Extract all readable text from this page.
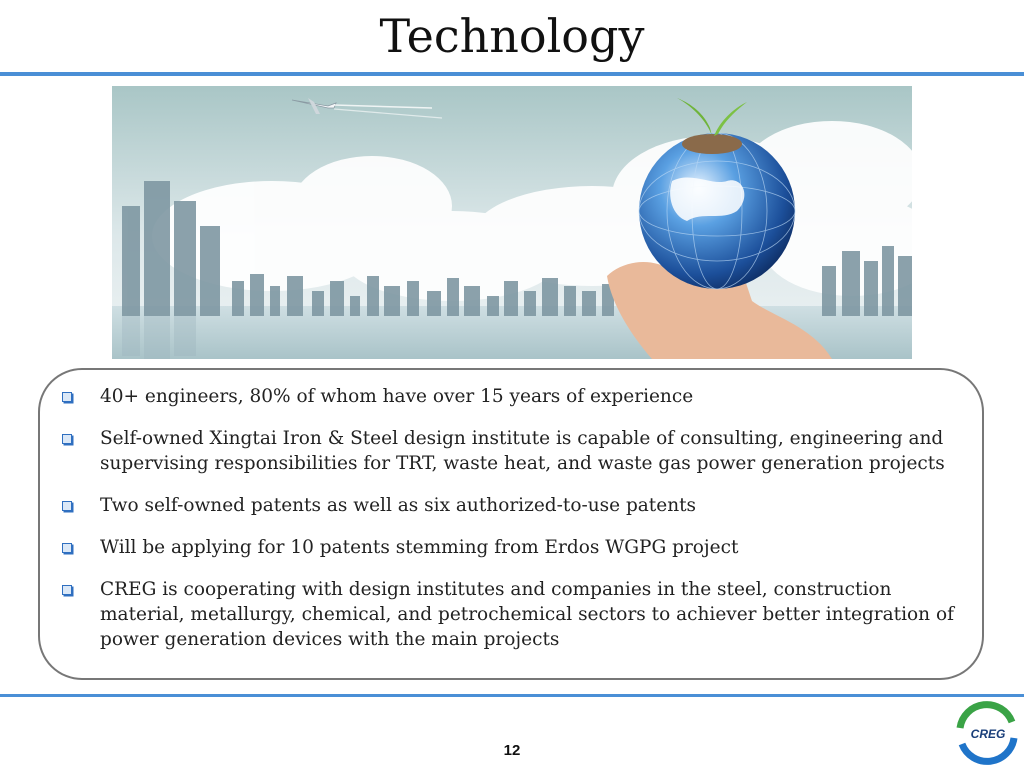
Technology
40+ engineers, 80% of whom have over 15 years of experience
Self-owned Xingtai Iron & Steel design institute is capable of consulting, engineering and supervising responsibilities for TRT, waste heat, and waste gas power generation projects
Two self-owned patents as well as six authorized-to-use patents
Will be applying for 10 patents stemming from Erdos WGPG project
CREG is cooperating with design institutes and companies in the steel, construction material, metallurgy, chemical, and petrochemical sectors to achiever better integration of power generation devices with the main projects
12
CREG
